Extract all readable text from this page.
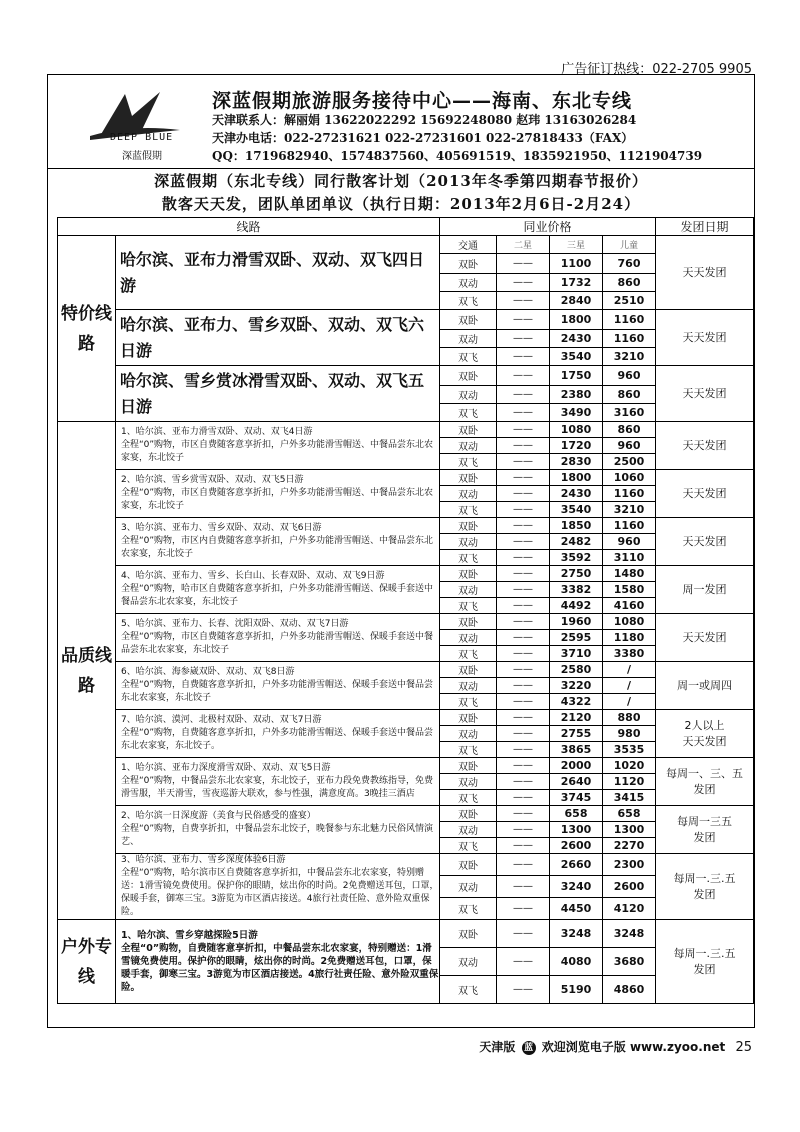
广告征订热线：022-2705 9905
DEEP BLUE
深蓝假期
深蓝假期旅游服务接待中心——海南、东北专线
天津联系人：解丽娟 13622022292 15692248080 赵玮 13163026284
天津办电话：022-27231621 022-27231601 022-27818433（FAX）
QQ：1719682940、1574837560、405691519、1835921950、1121904739
深蓝假期（东北专线）同行散客计划（2013年冬季第四期春节报价）
散客天天发，团队单团单议（执行日期：2013年2月6日-2月24）
线路		同业价格				发团日期
特价线路	哈尔滨、亚布力滑雪双卧、双动、双飞四日游	交通	二星	三星	儿童	天天发团
		双卧	——	1100	760	
		双动	——	1732	860	
		双飞	——	2840	2510	
	哈尔滨、亚布力、雪乡双卧、双动、双飞六日游	双卧	——	1800	1160	天天发团
		双动	——	2430	1160	
		双飞	——	3540	3210	
	哈尔滨、雪乡赏冰滑雪双卧、双动、双飞五日游	双卧	——	1750	960	天天发团
		双动	——	2380	860	
		双飞	——	3490	3160	
品质线路	1、哈尔滨、亚布力滑雪双卧、双动、双飞4日游
全程“0”购物，市区自费随客意享折扣，户外多功能滑雪帽送、中餐品尝东北农家宴，东北饺子	双卧	——	1080	860	天天发团
		双动	——	1720	960	
		双飞	——	2830	2500	
	2、哈尔滨、雪乡赏雪双卧、双动、双飞5日游
全程“0”购物，市区自费随客意享折扣，户外多功能滑雪帽送、中餐品尝东北农家宴，东北饺子	双卧	——	1800	1060	天天发团
		双动	——	2430	1160	
		双飞	——	3540	3210	
	3、哈尔滨、亚布力、雪乡双卧、双动、双飞6日游
全程“0”购物，市区内自费随客意享折扣，户外多功能滑雪帽送、中餐品尝东北农家宴，东北饺子	双卧	——	1850	1160	天天发团
		双动	——	2482	960	
		双飞	——	3592	3110	
	4、哈尔滨、亚布力、雪乡、长白山、长春双卧、双动、双飞9日游
全程“0”购物，哈市区自费随客意享折扣，户外多功能滑雪帽送、保暖手套送中餐品尝东北农家宴，东北饺子	双卧	——	2750	1480	周一发团
		双动	——	3382	1580	
		双飞	——	4492	4160	
	5、哈尔滨、亚布力、长春、沈阳双卧、双动、双飞7日游
全程“0”购物，市区自费随客意享折扣，户外多功能滑雪帽送、保暖手套送中餐品尝东北农家宴，东北饺子	双卧	——	1960	1080	天天发团
		双动	——	2595	1180	
		双飞	——	3710	3380	
	6、哈尔滨、海参崴双卧、双动、双飞8日游
全程“0”购物，自费随客意享折扣，户外多功能滑雪帽送、保暖手套送中餐品尝东北农家宴，东北饺子	双卧	——	2580	/	周一或周四
		双动	——	3220	/	
		双飞	——	4322	/	
	7、哈尔滨、漠河、北极村双卧、双动、双飞7日游
全程“0”购物，自费随客意享折扣，户外多功能滑雪帽送、保暖手套送中餐品尝东北农家宴，东北饺子。	双卧	——	2120	880	2人以上
天天发团
		双动	——	2755	980	
		双飞	——	3865	3535	
	1、哈尔滨、亚布力深度滑雪双卧、双动、双飞5日游
全程“0”购物，中餐品尝东北农家宴，东北饺子，亚布力段免费教练指导，免费滑雪服，半天滑雪，雪夜巡游大联欢，参与性强，满意度高。3晚挂三酒店	双卧	——	2000	1020	每周一、三、五
发团
		双动	——	2640	1120	
		双飞	——	3745	3415	
	2、哈尔滨一日深度游（美食与民俗感受的盛宴）
全程“0”购物，自费享折扣，中餐品尝东北饺子，晚餐参与东北魅力民俗风情演艺、	双卧	——	658	658	每周一三五
发团
		双动	——	1300	1300	
		双飞	——	2600	2270	
	3、哈尔滨、亚布力、雪乡深度体验6日游
全程“0”购物，哈尔滨市区自费随客意享折扣，中餐品尝东北农家宴，特别赠送：1滑雪镜免费使用。保护你的眼睛，炫出你的时尚。2免费赠送耳包，口罩，保暖手套，御寒三宝。3游览为市区酒店接送。4旅行社责任险、意外险双重保险。	双卧	——	2660	2300	每周一.三.五
发团
		双动	——	3240	2600	
		双飞	——	4450	4120	
户外专线	1、哈尔滨、雪乡穿越探险5日游
全程“0”购物，自费随客意享折扣，中餐品尝东北农家宴，特别赠送：1滑雪镜免费使用。保护你的眼睛，炫出你的时尚。2免费赠送耳包，口罩，保暖手套，御寒三宝。3游览为市区酒店接送。4旅行社责任险、意外险双重保险。	双卧	——	3248	3248	每周一.三.五
发团
		双动	——	4080	3680	
		双飞	——	5190	4860	
天津版 蓝 欢迎浏览电子版 www.zyoo.net 25
